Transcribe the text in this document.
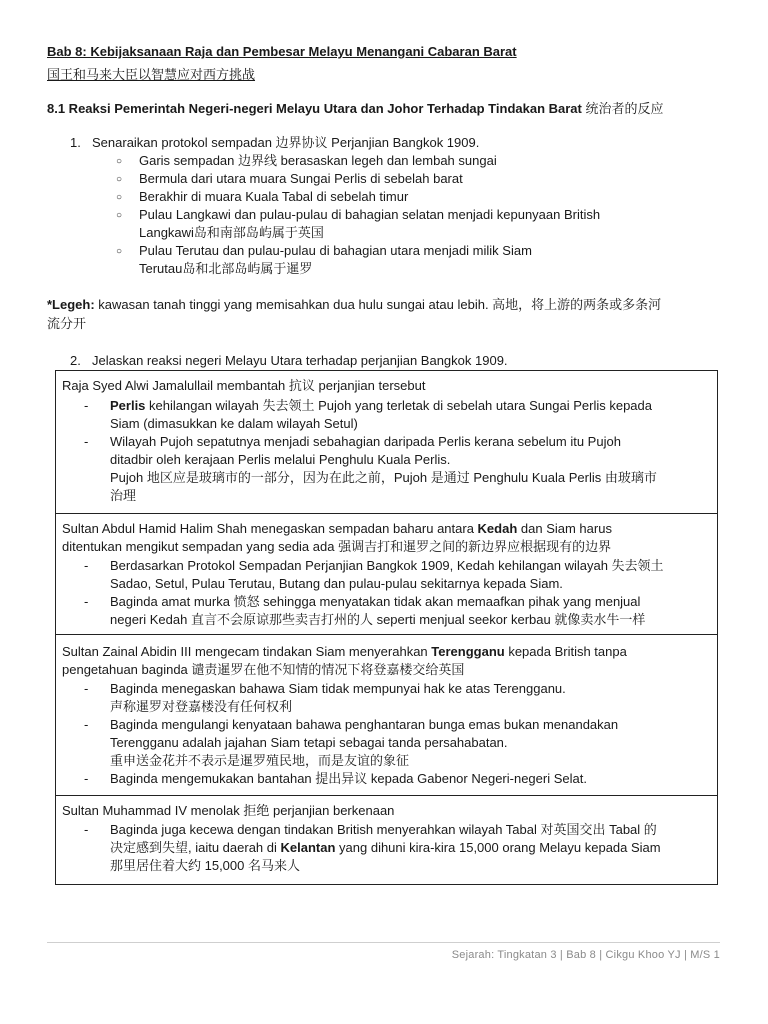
Bab 8: Kebijaksanaan Raja dan Pembesar Melayu Menangani Cabaran Barat
国王和马来大臣以智慧应对西方挑战
8.1 Reaksi Pemerintah Negeri-negeri Melayu Utara dan Johor Terhadap Tindakan Barat 统治者的反应
1. Senaraikan protokol sempadan 边界协议 Perjanjian Bangkok 1909.
○ Garis sempadan 边界线 berasaskan legeh dan lembah sungai
○ Bermula dari utara muara Sungai Perlis di sebelah barat
○ Berakhir di muara Kuala Tabal di sebelah timur
○ Pulau Langkawi dan pulau-pulau di bahagian selatan menjadi kepunyaan British
Langkawi岛和南部岛屿属于英国
○ Pulau Terutau dan pulau-pulau di bahagian utara menjadi milik Siam
Terutau岛和北部岛屿属于暹罗
*Legeh: kawasan tanah tinggi yang memisahkan dua hulu sungai atau lebih. 高地，将上游的两条或多条河
流分开
2. Jelaskan reaksi negeri Melayu Utara terhadap perjanjian Bangkok 1909.
Raja Syed Alwi Jamalullail membantah 抗议 perjanjian tersebut
- Perlis kehilangan wilayah 失去领土 Pujoh yang terletak di sebelah utara Sungai Perlis kepada
Siam (dimasukkan ke dalam wilayah Setul)
- Wilayah Pujoh sepatutnya menjadi sebahagian daripada Perlis kerana sebelum itu Pujoh
ditadbir oleh kerajaan Perlis melalui Penghulu Kuala Perlis.
Pujoh 地区应是玻璃市的一部分，因为在此之前，Pujoh 是通过 Penghulu Kuala Perlis 由玻璃市
治理
Sultan Abdul Hamid Halim Shah menegaskan sempadan baharu antara Kedah dan Siam harus
ditentukan mengikut sempadan yang sedia ada 强调吉打和暹罗之间的新边界应根据现有的边界
- Berdasarkan Protokol Sempadan Perjanjian Bangkok 1909, Kedah kehilangan wilayah 失去领土
Sadao, Setul, Pulau Terutau, Butang dan pulau-pulau sekitarnya kepada Siam.
- Baginda amat murka 愤怒 sehingga menyatakan tidak akan memaafkan pihak yang menjual
negeri Kedah 直言不会原谅那些卖吉打州的人 seperti menjual seekor kerbau 就像卖水牛一样
Sultan Zainal Abidin III mengecam tindakan Siam menyerahkan Terengganu kepada British tanpa
pengetahuan baginda 谴责暹罗在他不知情的情况下将登嘉楼交给英国
- Baginda menegaskan bahawa Siam tidak mempunyai hak ke atas Terengganu.
声称暹罗对登嘉楼没有任何权利
- Baginda mengulangi kenyataan bahawa penghantaran bunga emas bukan menandakan
Terengganu adalah jajahan Siam tetapi sebagai tanda persahabatan.
重申送金花并不表示是暹罗殖民地，而是友谊的象征
- Baginda mengemukakan bantahan 提出异议 kepada Gabenor Negeri-negeri Selat.
Sultan Muhammad IV menolak 拒绝 perjanjian berkenaan
- Baginda juga kecewa dengan tindakan British menyerahkan wilayah Tabal 对英国交出 Tabal 的
决定感到失望, iaitu daerah di Kelantan yang dihuni kira-kira 15,000 orang Melayu kepada Siam
那里居住着大约 15,000 名马来人
Sejarah: Tingkatan 3 | Bab 8 | Cikgu Khoo YJ | M/S 1
